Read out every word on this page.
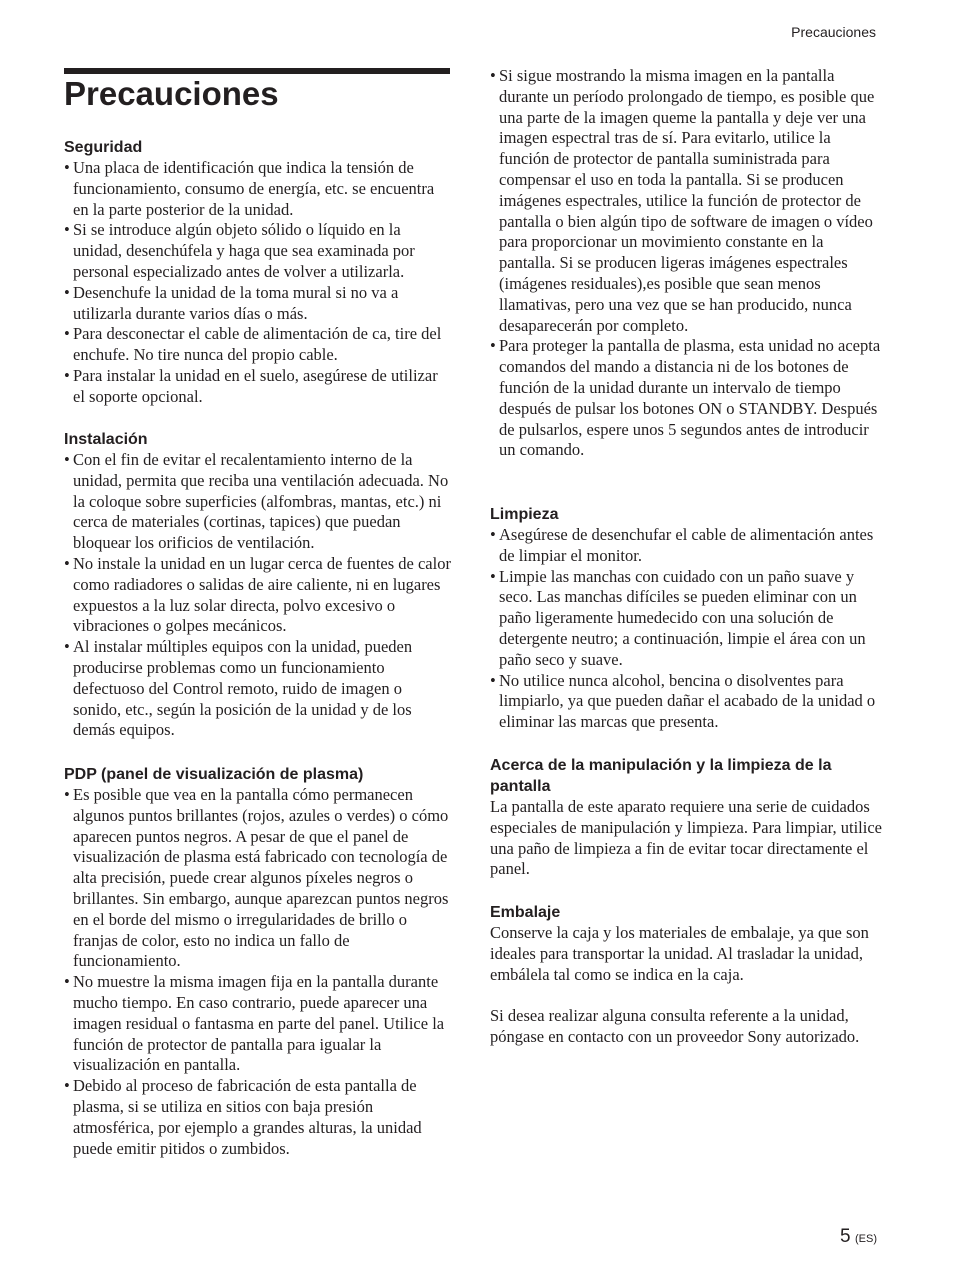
Precauciones
Precauciones
Seguridad
• Una placa de identificación que indica la tensión de funcionamiento, consumo de energía, etc. se encuentra en la parte posterior de la unidad.
• Si se introduce algún objeto sólido o líquido en la unidad, desenchúfela y haga que sea examinada por personal especializado antes de volver a utilizarla.
• Desenchufe la unidad de la toma mural si no va a utilizarla durante varios días o más.
• Para desconectar el cable de alimentación de ca, tire del enchufe. No tire nunca del propio cable.
• Para instalar la unidad en el suelo, asegúrese de utilizar el soporte opcional.
Instalación
• Con el fin de evitar el recalentamiento interno de la unidad, permita que reciba una ventilación adecuada. No la coloque sobre superficies (alfombras, mantas, etc.) ni cerca de materiales (cortinas, tapices) que puedan bloquear los orificios de ventilación.
• No instale la unidad en un lugar cerca de fuentes de calor como radiadores o salidas de aire caliente, ni en lugares expuestos a la luz solar directa, polvo excesivo o vibraciones o golpes mecánicos.
• Al instalar múltiples equipos con la unidad, pueden producirse problemas como un funcionamiento defectuoso del Control remoto, ruido de imagen o sonido, etc., según la posición de la unidad y de los demás equipos.
PDP (panel de visualización de plasma)
• Es posible que vea en la pantalla cómo permanecen algunos puntos brillantes (rojos, azules o verdes) o cómo aparecen puntos negros. A pesar de que el panel de visualización de plasma está fabricado con tecnología de alta precisión, puede crear algunos píxeles negros o brillantes. Sin embargo, aunque aparezcan puntos negros en el borde del mismo o irregularidades de brillo o franjas de color, esto no indica un fallo de funcionamiento.
• No muestre la misma imagen fija en la pantalla durante mucho tiempo. En caso contrario, puede aparecer una imagen residual o fantasma en parte del panel. Utilice la función de protector de pantalla para igualar la visualización en pantalla.
• Debido al proceso de fabricación de esta pantalla de plasma, si se utiliza en sitios con baja presión atmosférica, por ejemplo a grandes alturas, la unidad puede emitir pitidos o zumbidos.
• Si sigue mostrando la misma imagen en la pantalla durante un período prolongado de tiempo, es posible que una parte de la imagen queme la pantalla y deje ver una imagen espectral tras de sí. Para evitarlo, utilice la función de protector de pantalla suministrada para compensar el uso en toda la pantalla. Si se producen imágenes espectrales, utilice la función de protector de pantalla o bien algún tipo de software de imagen o vídeo para proporcionar un movimiento constante en la pantalla. Si se producen ligeras imágenes espectrales (imágenes residuales),es posible que sean menos llamativas, pero una vez que se han producido, nunca desaparecerán por completo.
• Para proteger la pantalla de plasma, esta unidad no acepta comandos del mando a distancia ni de los botones de función de la unidad durante un intervalo de tiempo después de pulsar los botones ON o STANDBY. Después de pulsarlos, espere unos 5 segundos antes de introducir un comando.
Limpieza
• Asegúrese de desenchufar el cable de alimentación antes de limpiar el monitor.
• Limpie las manchas con cuidado con un paño suave y seco. Las manchas difíciles se pueden eliminar con un paño ligeramente humedecido con una solución de detergente neutro; a continuación, limpie el área con un paño seco y suave.
• No utilice nunca alcohol, bencina o disolventes para limpiarlo, ya que pueden dañar el acabado de la unidad o eliminar las marcas que presenta.
Acerca de la manipulación y la limpieza de la pantalla

La pantalla de este aparato requiere una serie de cuidados especiales de manipulación y limpieza. Para limpiar, utilice una paño de limpieza a fin de evitar tocar directamente el panel.

Embalaje

Conserve la caja y los materiales de embalaje, ya que son ideales para transportar la unidad. Al trasladar la unidad, embálela tal como se indica en la caja.

Si desea realizar alguna consulta referente a la unidad, póngase en contacto con un proveedor Sony autorizado.

5 (ES)
